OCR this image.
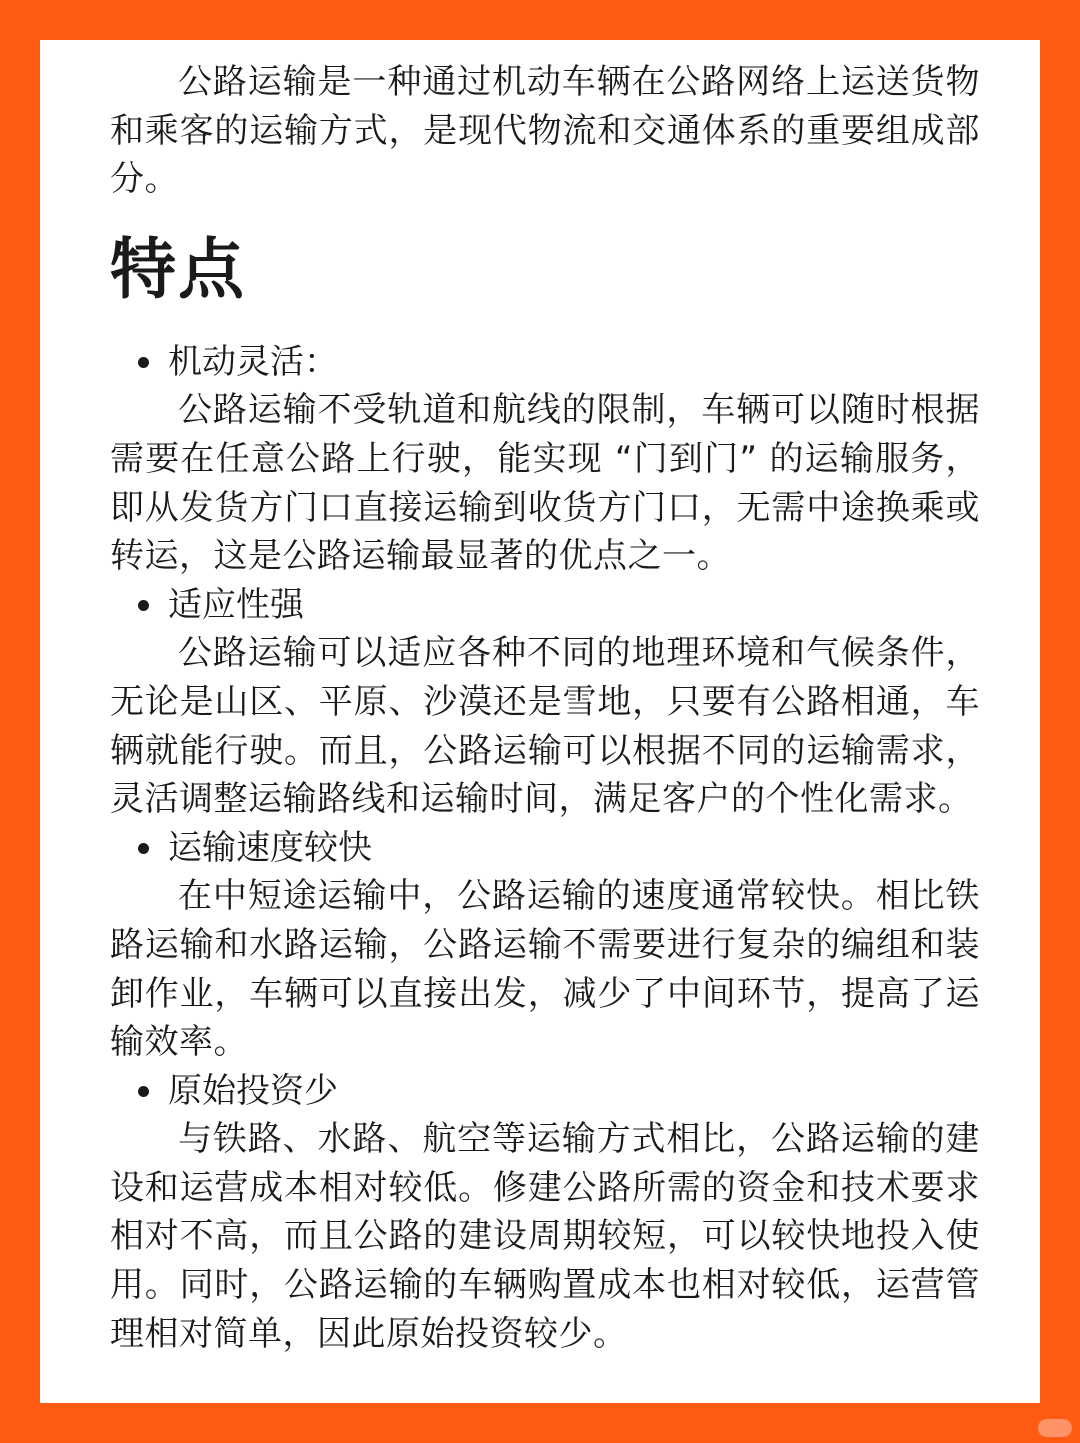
公路运输是一种通过机动车辆在公路网络上运送货物和乘客的运输方式，是现代物流和交通体系的重要组成部分。

特点

机动灵活：

公路运输不受轨道和航线的限制，车辆可以随时根据需要在任意公路上行驶，能实现 “门到门” 的运输服务，即从发货方门口直接运输到收货方门口，无需中途换乘或转运，这是公路运输最显著的优点之一。

适应性强

公路运输可以适应各种不同的地理环境和气候条件，无论是山区、平原、沙漠还是雪地，只要有公路相通，车辆就能行驶。而且，公路运输可以根据不同的运输需求，灵活调整运输路线和运输时间，满足客户的个性化需求。

运输速度较快

在中短途运输中，公路运输的速度通常较快。相比铁路运输和水路运输，公路运输不需要进行复杂的编组和装卸作业，车辆可以直接出发，减少了中间环节，提高了运输效率。

原始投资少

与铁路、水路、航空等运输方式相比，公路运输的建设和运营成本相对较低。修建公路所需的资金和技术要求相对不高，而且公路的建设周期较短，可以较快地投入使用。同时，公路运输的车辆购置成本也相对较低，运营管理相对简单，因此原始投资较少。
